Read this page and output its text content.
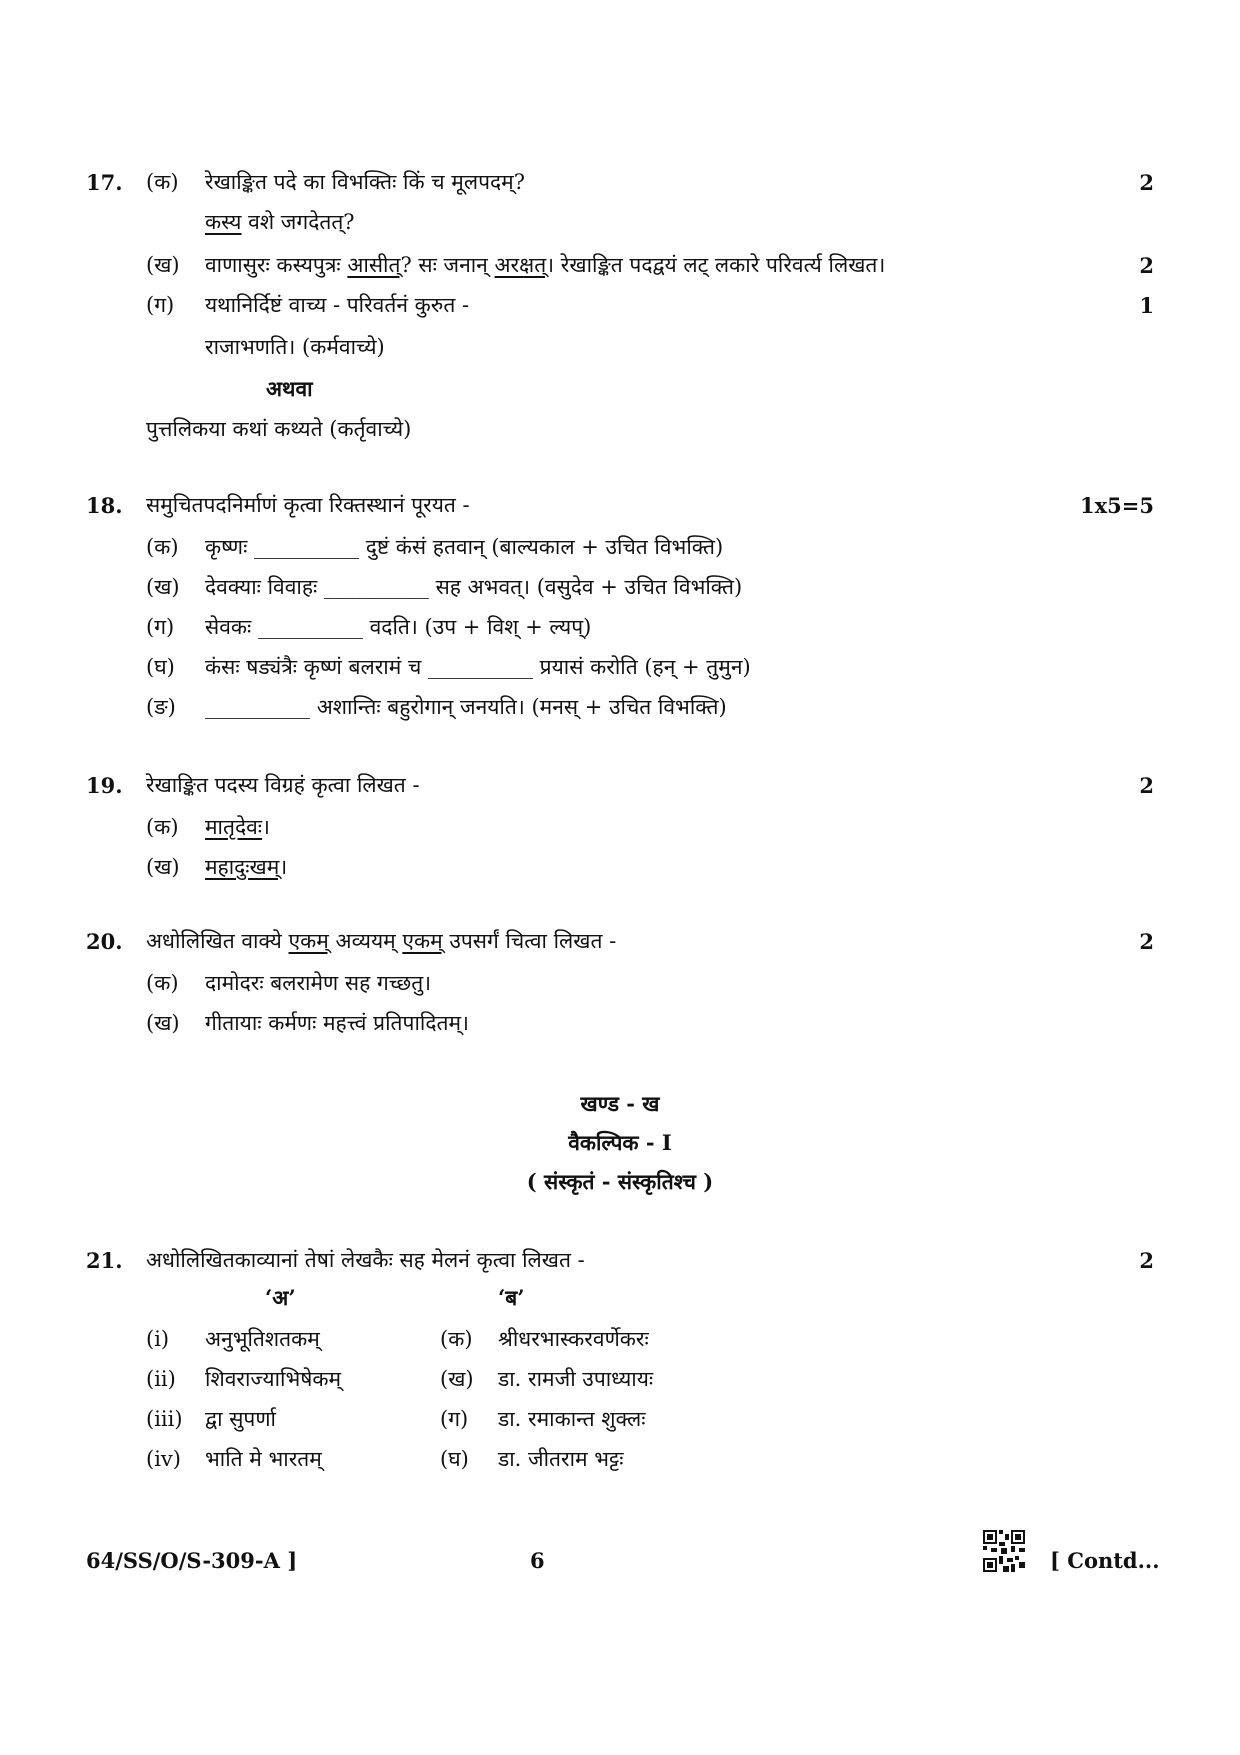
17. (क) रेखाङ्कित पदे का विभक्तिः किं च मूलपदम्?	2
कस्य वशे जगदेतत्?
(ख) वाणासुरः कस्यपुत्रः आसीत्? सः जनान् अरक्षत्। रेखाङ्कित पदद्वयं लट् लकारे परिवर्त्य लिखत।	2
(ग) यथानिर्दिष्टं वाच्य - परिवर्तनं कुरुत -	1
राजाभणति। (कर्मवाच्ये)
अथवा
पुत्तलिकया कथां कथ्यते (कर्तृवाच्ये)
18. समुचितपदनिर्माणं कृत्वा रिक्तस्थानं पूरयत -	1x5=5
(क) कृष्णः __________ दुष्टं कंसं हतवान् (बाल्यकाल + उचित विभक्ति)
(ख) देवक्याः विवाहः __________ सह अभवत्। (वसुदेव + उचित विभक्ति)
(ग) सेवकः __________ वदति। (उप + विश् + ल्यप्)
(घ) कंसः षड्यंत्रैः कृष्णं बलरामं च __________ प्रयासं करोति (हन् + तुमुन)
(ङ) __________ अशान्तिः बहुरोगान् जनयति। (मनस् + उचित विभक्ति)
19. रेखाङ्कित पदस्य विग्रहं कृत्वा लिखत -	2
(क) मातृदेवः।
(ख) महादुःखम्।
20. अधोलिखित वाक्ये एकम् अव्ययम् एकम् उपसर्गं चित्वा लिखत -	2
(क) दामोदरः बलरामेण सह गच्छतु।
(ख) गीतायाः कर्मणः महत्त्वं प्रतिपादितम्।
खण्ड - ख
वैकल्पिक - I
( संस्कृतं - संस्कृतिश्च )
21. अधोलिखितकाव्यानां तेषां लेखकैः सह मेलनं कृत्वा लिखत -	2
‘अ’	‘ब’
(i) अनुभूतिशतकम्	(क) श्रीधरभास्करवर्णेकरः
(ii) शिवराज्याभिषेकम्	(ख) डा. रामजी उपाध्यायः
(iii) द्वा सुपर्णा	(ग) डा. रमाकान्त शुक्लः
(iv) भाति मे भारतम्	(घ) डा. जीतराम भट्टः
64/SS/O/S-309-A ]	6	[ Contd...
